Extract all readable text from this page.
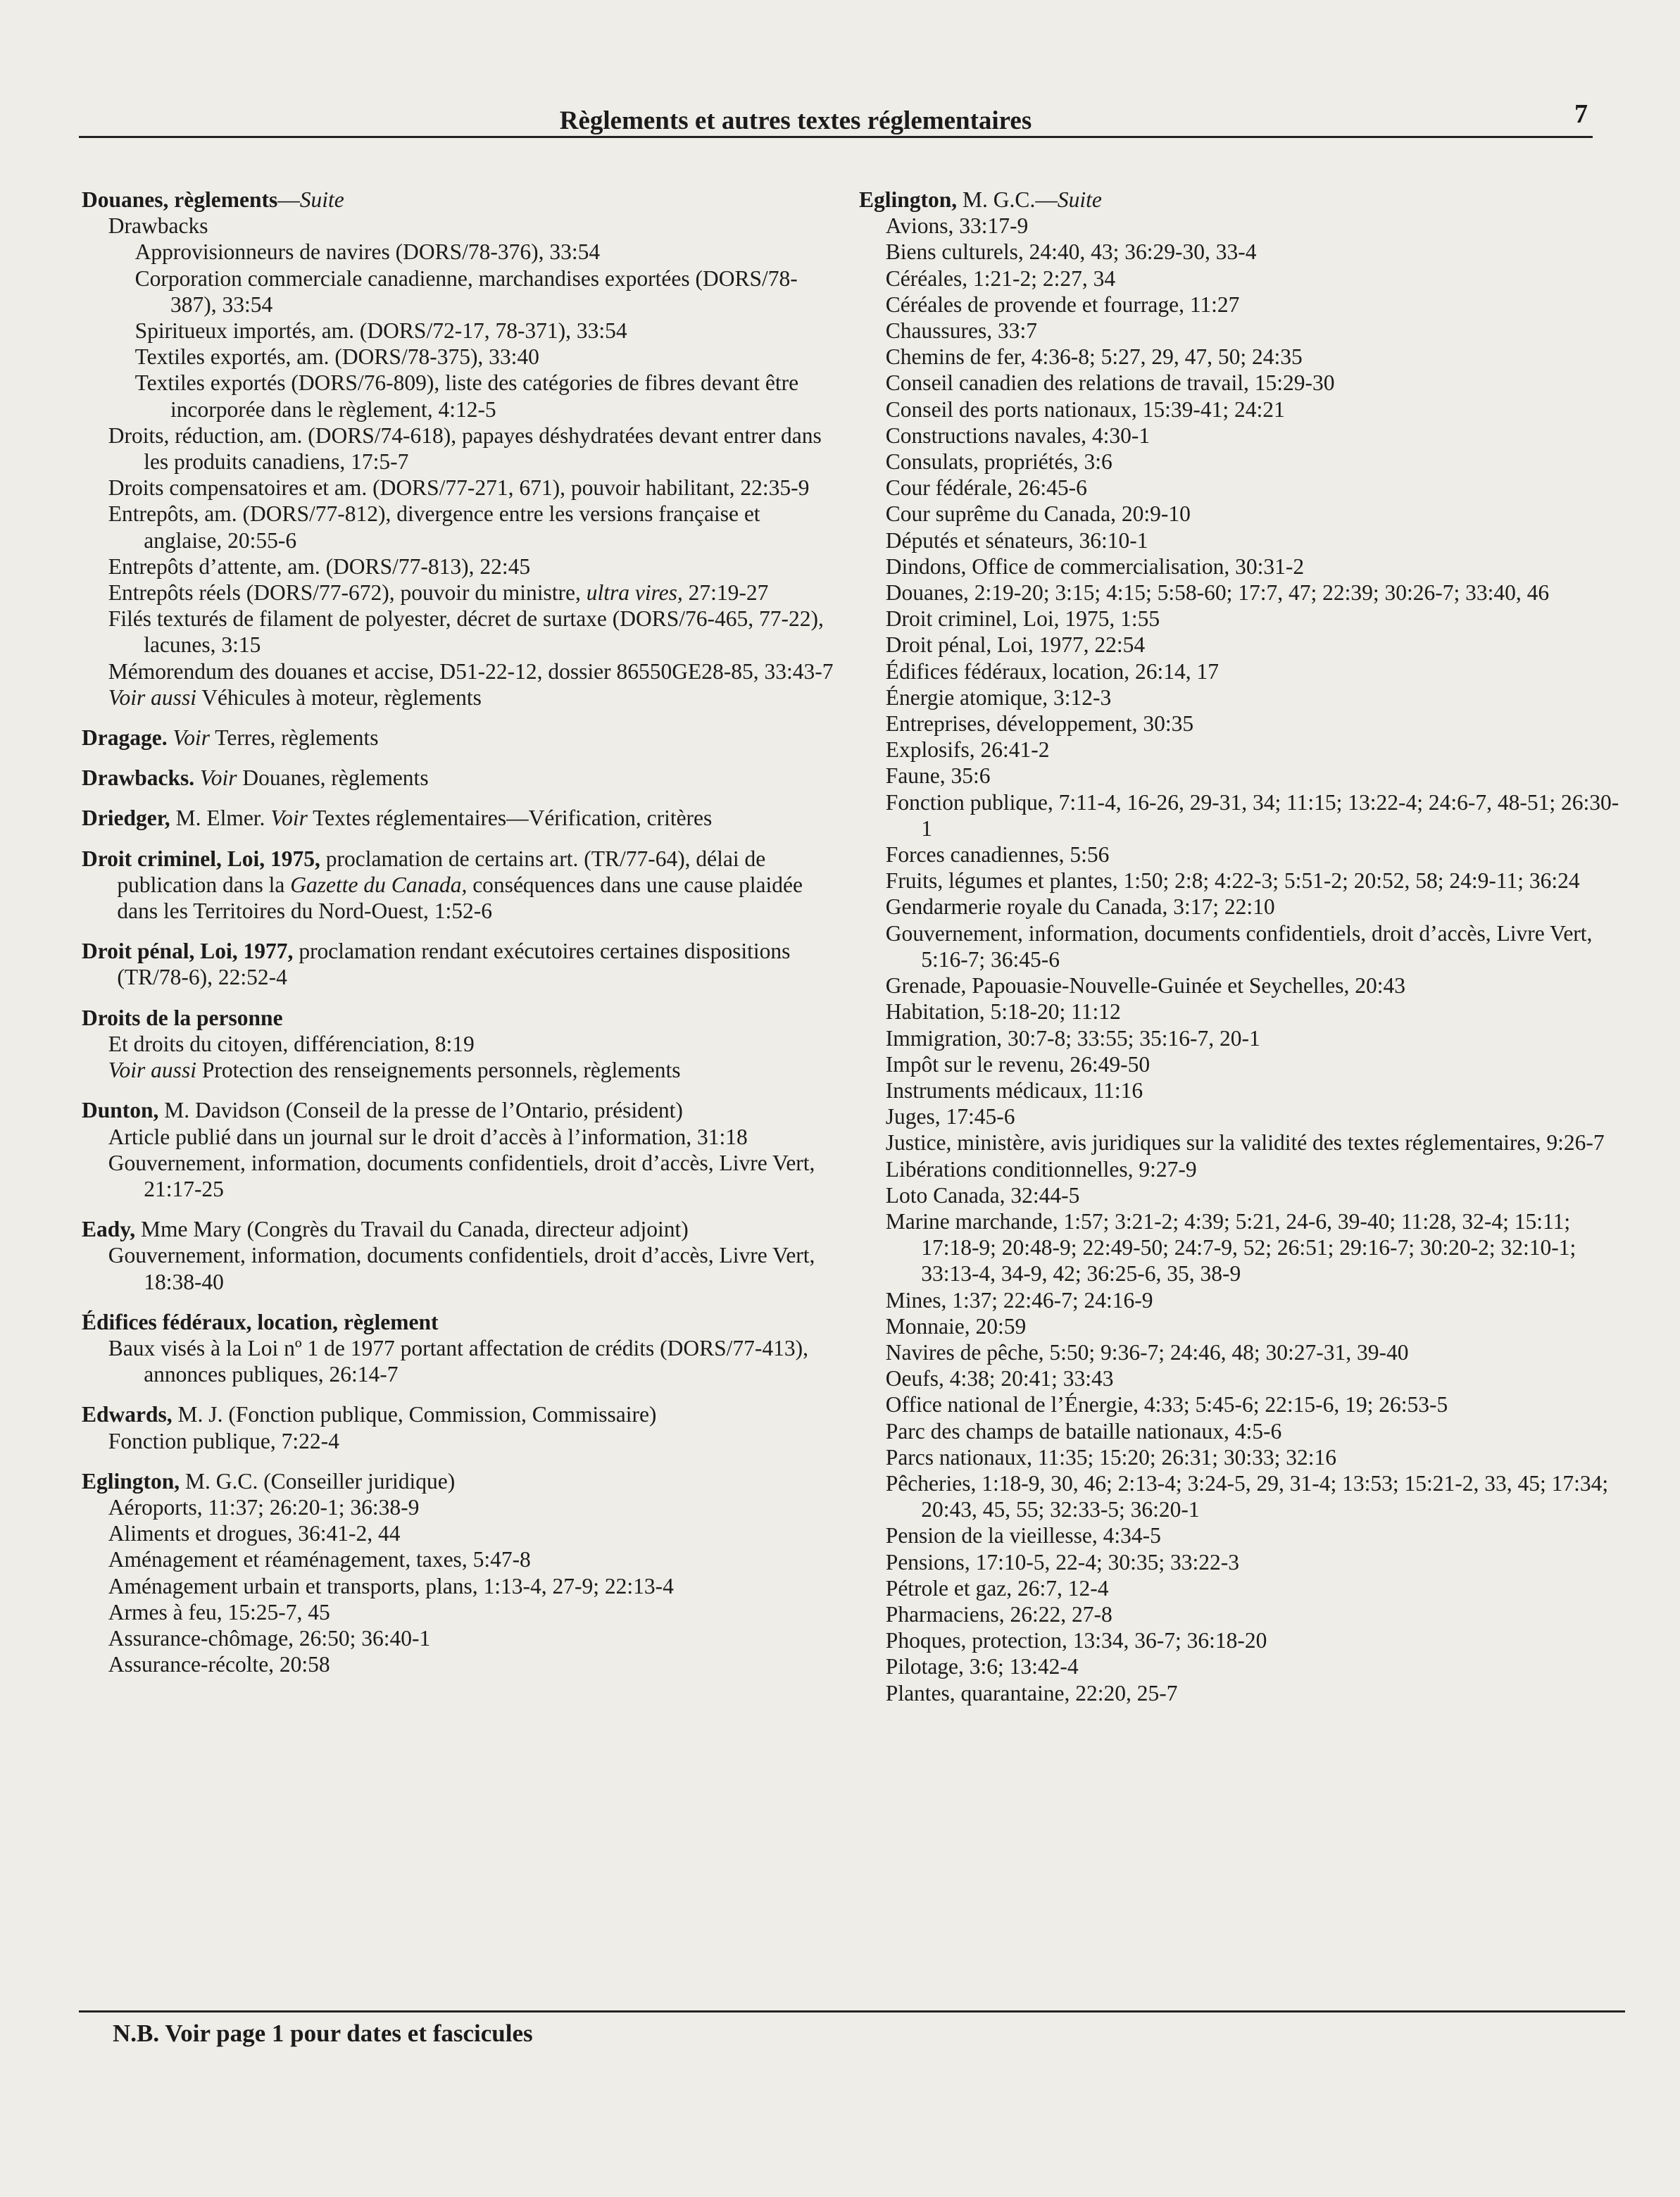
Règlements et autres textes réglementaires	7
Douanes, règlements—Suite
Drawbacks
Approvisionneurs de navires (DORS/78-376), 33:54
Corporation commerciale canadienne, marchandises exportées (DORS/78-387), 33:54
Spiritueux importés, am. (DORS/72-17, 78-371), 33:54
Textiles exportés, am. (DORS/78-375), 33:40
Textiles exportés (DORS/76-809), liste des catégories de fibres devant être incorporée dans le règlement, 4:12-5
Droits, réduction, am. (DORS/74-618), papayes déshydratées devant entrer dans les produits canadiens, 17:5-7
Droits compensatoires et am. (DORS/77-271, 671), pouvoir habilitant, 22:35-9
Entrepôts, am. (DORS/77-812), divergence entre les versions française et anglaise, 20:55-6
Entrepôts d’attente, am. (DORS/77-813), 22:45
Entrepôts réels (DORS/77-672), pouvoir du ministre, ultra vires, 27:19-27
Filés texturés de filament de polyester, décret de surtaxe (DORS/76-465, 77-22), lacunes, 3:15
Mémorendum des douanes et accise, D51-22-12, dossier 86550GE28-85, 33:43-7
Voir aussi Véhicules à moteur, règlements
Dragage. Voir Terres, règlements
Drawbacks. Voir Douanes, règlements
Driedger, M. Elmer. Voir Textes réglementaires—Vérification, critères
Droit criminel, Loi, 1975, proclamation de certains art. (TR/77-64), délai de publication dans la Gazette du Canada, conséquences dans une cause plaidée dans les Territoires du Nord-Ouest, 1:52-6
Droit pénal, Loi, 1977, proclamation rendant exécutoires certaines dispositions (TR/78-6), 22:52-4
Droits de la personne
Et droits du citoyen, différenciation, 8:19
Voir aussi Protection des renseignements personnels, règlements
Dunton, M. Davidson (Conseil de la presse de l’Ontario, président)
Article publié dans un journal sur le droit d’accès à l’information, 31:18
Gouvernement, information, documents confidentiels, droit d’accès, Livre Vert, 21:17-25
Eady, Mme Mary (Congrès du Travail du Canada, directeur adjoint)
Gouvernement, information, documents confidentiels, droit d’accès, Livre Vert, 18:38-40
Édifices fédéraux, location, règlement
Baux visés à la Loi nº 1 de 1977 portant affectation de crédits (DORS/77-413), annonces publiques, 26:14-7
Edwards, M. J. (Fonction publique, Commission, Commissaire)
Fonction publique, 7:22-4
Eglington, M. G.C. (Conseiller juridique)
Aéroports, 11:37; 26:20-1; 36:38-9
Aliments et drogues, 36:41-2, 44
Aménagement et réaménagement, taxes, 5:47-8
Aménagement urbain et transports, plans, 1:13-4, 27-9; 22:13-4
Armes à feu, 15:25-7, 45
Assurance-chômage, 26:50; 36:40-1
Assurance-récolte, 20:58
Eglington, M. G.C.—Suite
Avions, 33:17-9
Biens culturels, 24:40, 43; 36:29-30, 33-4
Céréales, 1:21-2; 2:27, 34
Céréales de provende et fourrage, 11:27
Chaussures, 33:7
Chemins de fer, 4:36-8; 5:27, 29, 47, 50; 24:35
Conseil canadien des relations de travail, 15:29-30
Conseil des ports nationaux, 15:39-41; 24:21
Constructions navales, 4:30-1
Consulats, propriétés, 3:6
Cour fédérale, 26:45-6
Cour suprême du Canada, 20:9-10
Députés et sénateurs, 36:10-1
Dindons, Office de commercialisation, 30:31-2
Douanes, 2:19-20; 3:15; 4:15; 5:58-60; 17:7, 47; 22:39; 30:26-7; 33:40, 46
Droit criminel, Loi, 1975, 1:55
Droit pénal, Loi, 1977, 22:54
Édifices fédéraux, location, 26:14, 17
Énergie atomique, 3:12-3
Entreprises, développement, 30:35
Explosifs, 26:41-2
Faune, 35:6
Fonction publique, 7:11-4, 16-26, 29-31, 34; 11:15; 13:22-4; 24:6-7, 48-51; 26:30-1
Forces canadiennes, 5:56
Fruits, légumes et plantes, 1:50; 2:8; 4:22-3; 5:51-2; 20:52, 58; 24:9-11; 36:24
Gendarmerie royale du Canada, 3:17; 22:10
Gouvernement, information, documents confidentiels, droit d’accès, Livre Vert, 5:16-7; 36:45-6
Grenade, Papouasie-Nouvelle-Guinée et Seychelles, 20:43
Habitation, 5:18-20; 11:12
Immigration, 30:7-8; 33:55; 35:16-7, 20-1
Impôt sur le revenu, 26:49-50
Instruments médicaux, 11:16
Juges, 17:45-6
Justice, ministère, avis juridiques sur la validité des textes réglementaires, 9:26-7
Libérations conditionnelles, 9:27-9
Loto Canada, 32:44-5
Marine marchande, 1:57; 3:21-2; 4:39; 5:21, 24-6, 39-40; 11:28, 32-4; 15:11; 17:18-9; 20:48-9; 22:49-50; 24:7-9, 52; 26:51; 29:16-7; 30:20-2; 32:10-1; 33:13-4, 34-9, 42; 36:25-6, 35, 38-9
Mines, 1:37; 22:46-7; 24:16-9
Monnaie, 20:59
Navires de pêche, 5:50; 9:36-7; 24:46, 48; 30:27-31, 39-40
Oeufs, 4:38; 20:41; 33:43
Office national de l’Énergie, 4:33; 5:45-6; 22:15-6, 19; 26:53-5
Parc des champs de bataille nationaux, 4:5-6
Parcs nationaux, 11:35; 15:20; 26:31; 30:33; 32:16
Pêcheries, 1:18-9, 30, 46; 2:13-4; 3:24-5, 29, 31-4; 13:53; 15:21-2, 33, 45; 17:34; 20:43, 45, 55; 32:33-5; 36:20-1
Pension de la vieillesse, 4:34-5
Pensions, 17:10-5, 22-4; 30:35; 33:22-3
Pétrole et gaz, 26:7, 12-4
Pharmaciens, 26:22, 27-8
Phoques, protection, 13:34, 36-7; 36:18-20
Pilotage, 3:6; 13:42-4
Plantes, quarantaine, 22:20, 25-7
N.B. Voir page 1 pour dates et fascicules
